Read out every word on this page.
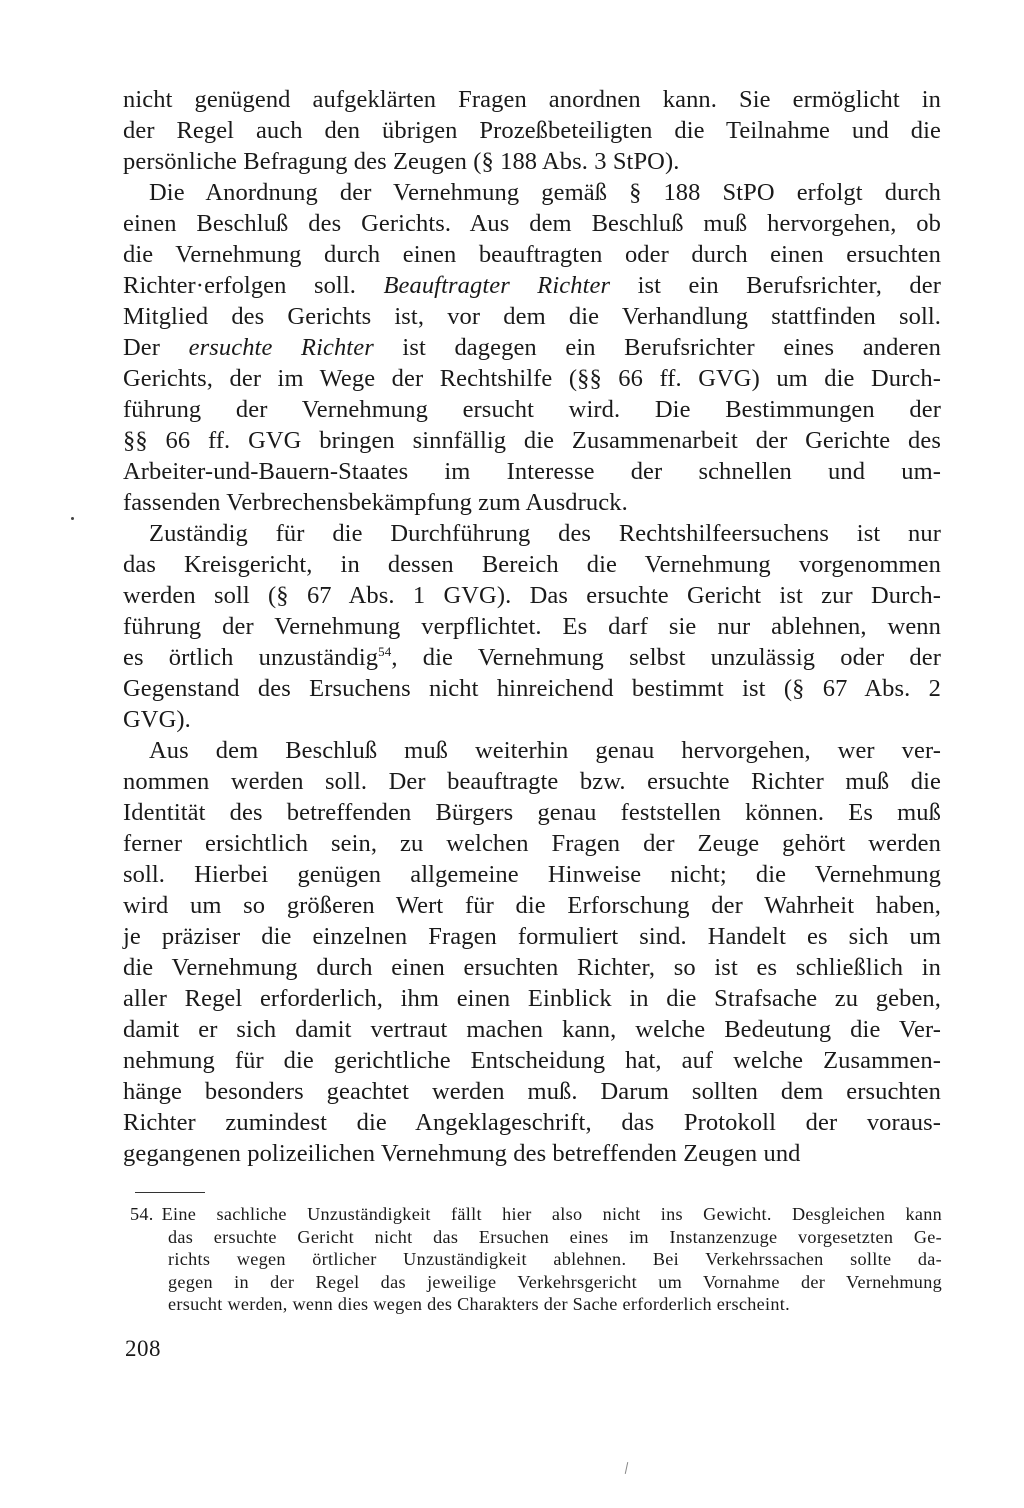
nicht genügend aufgeklärten Fragen anordnen kann. Sie ermöglicht in
der Regel auch den übrigen Prozeßbeteiligten die Teilnahme und die
persönliche Befragung des Zeugen (§ 188 Abs. 3 StPO).
Die Anordnung der Vernehmung gemäß § 188 StPO erfolgt durch
einen Beschluß des Gerichts. Aus dem Beschluß muß hervorgehen, ob
die Vernehmung durch einen beauftragten oder durch einen ersuchten
Richter·erfolgen soll. Beauftragter Richter ist ein Berufsrichter, der
Mitglied des Gerichts ist, vor dem die Verhandlung stattfinden soll.
Der ersuchte Richter ist dagegen ein Berufsrichter eines anderen
Gerichts, der im Wege der Rechtshilfe (§§ 66 ff. GVG) um die Durch-
führung der Vernehmung ersucht wird. Die Bestimmungen der
§§ 66 ff. GVG bringen sinnfällig die Zusammenarbeit der Gerichte des
Arbeiter-und-Bauern-Staates im Interesse der schnellen und um-
fassenden Verbrechensbekämpfung zum Ausdruck.
Zuständig für die Durchführung des Rechtshilfeersuchens ist nur
das Kreisgericht, in dessen Bereich die Vernehmung vorgenommen
werden soll (§ 67 Abs. 1 GVG). Das ersuchte Gericht ist zur Durch-
führung der Vernehmung verpflichtet. Es darf sie nur ablehnen, wenn
es örtlich unzuständig$^{54}$, die Vernehmung selbst unzulässig oder der
Gegenstand des Ersuchens nicht hinreichend bestimmt ist (§ 67 Abs. 2
GVG).
Aus dem Beschluß muß weiterhin genau hervorgehen, wer ver-
nommen werden soll. Der beauftragte bzw. ersuchte Richter muß die
Identität des betreffenden Bürgers genau feststellen können. Es muß
ferner ersichtlich sein, zu welchen Fragen der Zeuge gehört werden
soll. Hierbei genügen allgemeine Hinweise nicht; die Vernehmung
wird um so größeren Wert für die Erforschung der Wahrheit haben,
je präziser die einzelnen Fragen formuliert sind. Handelt es sich um
die Vernehmung durch einen ersuchten Richter, so ist es schließlich in
aller Regel erforderlich, ihm einen Einblick in die Strafsache zu geben,
damit er sich damit vertraut machen kann, welche Bedeutung die Ver-
nehmung für die gerichtliche Entscheidung hat, auf welche Zusammen-
hänge besonders geachtet werden muß. Darum sollten dem ersuchten
Richter zumindest die Angeklageschrift, das Protokoll der voraus-
gegangenen polizeilichen Vernehmung des betreffenden Zeugen und
54. Eine sachliche Unzuständigkeit fällt hier also nicht ins Gewicht. Desgleichen kann
das ersuchte Gericht nicht das Ersuchen eines im Instanzenzuge vorgesetzten Ge-
richts wegen örtlicher Unzuständigkeit ablehnen. Bei Verkehrssachen sollte da-
gegen in der Regel das jeweilige Verkehrsgericht um Vornahme der Vernehmung
ersucht werden, wenn dies wegen des Charakters der Sache erforderlich erscheint.
208
